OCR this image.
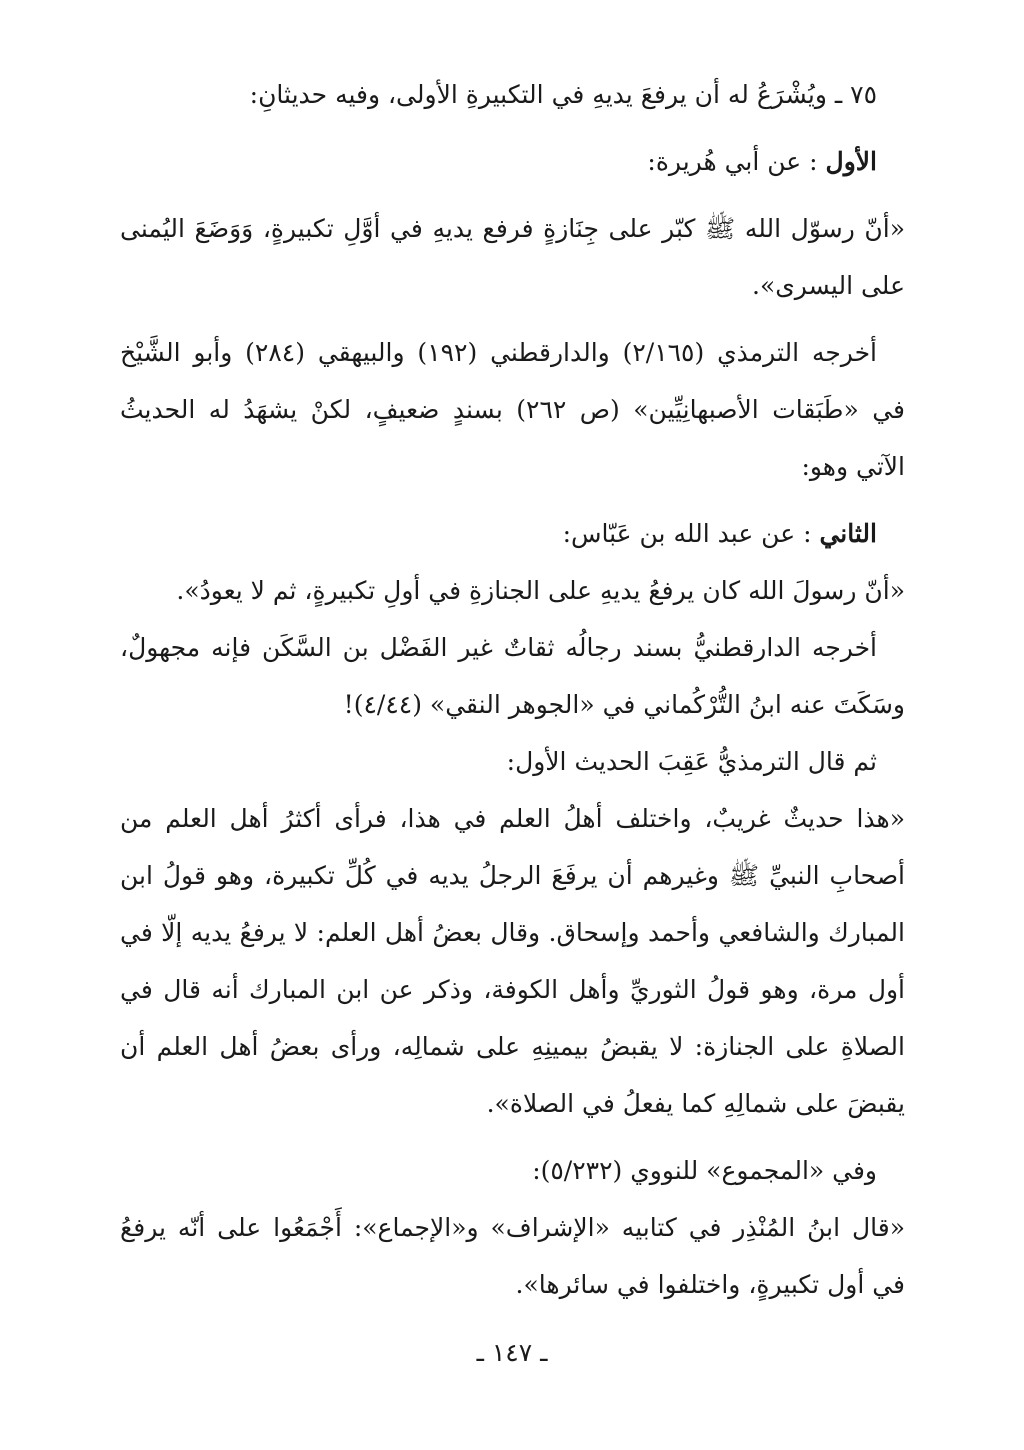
٧٥ ـ ويُشْرَعُ له أن يرفعَ يديهِ في التكبيرةِ الأولى، وفيه حديثانِ:

الأول : عن أبي هُريرة:

«أنّ رسوّل الله ﷺ كبّر على جِنَازةٍ فرفع يديهِ في أوَّلِ تكبيرةٍ، وَوَضَعَ اليُمنى على اليسرى».

أخرجه الترمذي (٢/١٦٥) والدارقطني (١٩٢) والبيهقي (٢٨٤) وأبو الشَّيْخ في «طَبَقات الأصبهانِيِّين» (ص ٢٦٢) بسندٍ ضعيفٍ، لكنْ يشهَدُ له الحديثُ الآتي وهو:

الثاني : عن عبد الله بن عَبّاس:

«أنّ رسولَ الله كان يرفعُ يديهِ على الجنازةِ في أولِ تكبيرةٍ، ثم لا يعودُ».

أخرجه الدارقطنيُّ بسند رجالُه ثقاتٌ غير الفَضْل بن السَّكَن فإنه مجهولٌ، وسَكَتَ عنه ابنُ التُّرْكُماني في «الجوهر النقي» (٤/٤٤)!

ثم قال الترمذيُّ عَقِبَ الحديث الأول:

«هذا حديثٌ غريبٌ، واختلف أهلُ العلم في هذا، فرأى أكثرُ أهل العلم من أصحابِ النبيِّ ﷺ وغيرهم أن يرفَعَ الرجلُ يديه في كُلِّ تكبيرة، وهو قولُ ابن المبارك والشافعي وأحمد وإسحاق. وقال بعضُ أهل العلم: لا يرفعُ يديه إلّا في أول مرة، وهو قولُ الثوريِّ وأهل الكوفة، وذكر عن ابن المبارك أنه قال في الصلاةِ على الجنازة: لا يقبضُ بيمينِهِ على شمالِه، ورأى بعضُ أهل العلم أن يقبضَ على شمالِهِ كما يفعلُ في الصلاة».

وفي «المجموع» للنووي (٥/٢٣٢):

«قال ابنُ المُنْذِر في كتابيه «الإشراف» و«الإجماع»: أَجْمَعُوا على أنّه يرفعُ في أول تكبيرةٍ، واختلفوا في سائرها».

ـ ١٤٧ ـ
